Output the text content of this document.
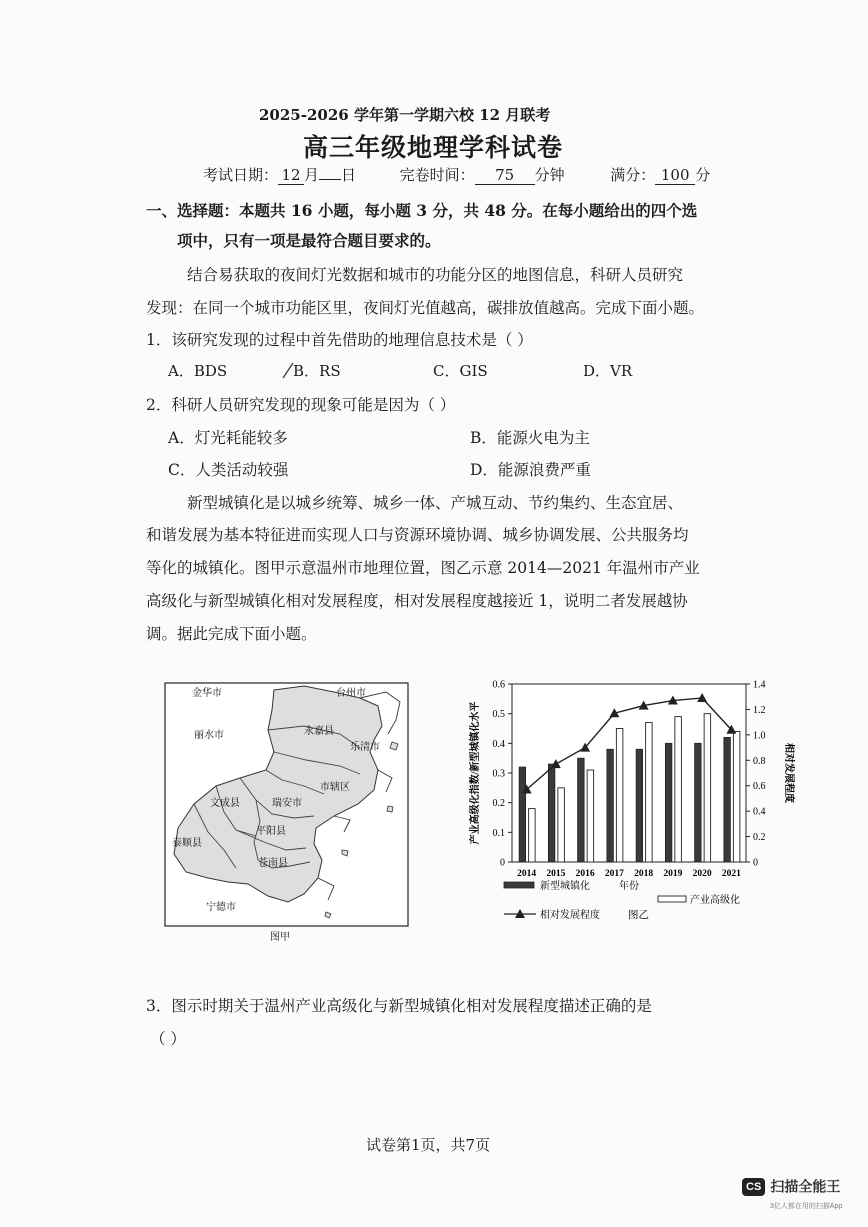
2025-2026 学年第一学期六校 12 月联考
高三年级地理学科试卷
考试日期： 12 月 日	完卷时间： 75 分钟	满分： 100 分
一、选择题：本题共 16 小题，每小题 3 分，共 48 分。在每小题给出的四个选
项中，只有一项是最符合题目要求的。
结合易获取的夜间灯光数据和城市的功能分区的地图信息，科研人员研究
发现：在同一个城市功能区里，夜间灯光值越高，碳排放值越高。完成下面小题。
1．该研究发现的过程中首先借助的地理信息技术是（ ）
A．BDS	B．RS	C．GIS	D．VR
2．科研人员研究发现的现象可能是因为（ ）
A．灯光耗能较多	B．能源火电为主
C．人类活动较强	D．能源浪费严重
新型城镇化是以城乡统筹、城乡一体、产城互动、节约集约、生态宜居、
和谐发展为基本特征进而实现人口与资源环境协调、城乡协调发展、公共服务均
等化的城镇化。图甲示意温州市地理位置，图乙示意 2014—2021 年温州市产业
高级化与新型城镇化相对发展程度，相对发展程度越接近 1，说明二者发展越协
调。据此完成下面小题。
金华市	台州市
丽水市	永嘉县
乐清市
市辖区
文成县	瑞安市
平阳县
泰顺县
苍南县
宁德市
图甲
0
0.1
0.2
0.3
0.4
0.5
0.6
0
0.2
0.4
0.6
0.8
1.0
1.2
1.4
2014 2015 2016 2017 2018 2019 2020 2021
年份
产业高级化指数/新型城镇化水平	相对发展程度
新型城镇化
产业高级化
相对发展程度	图乙
3．图示时期关于温州产业高级化与新型城镇化相对发展程度描述正确的是
（ ）
试卷第1页，共7页
CS 扫描全能王
3亿人都在用的扫描App
